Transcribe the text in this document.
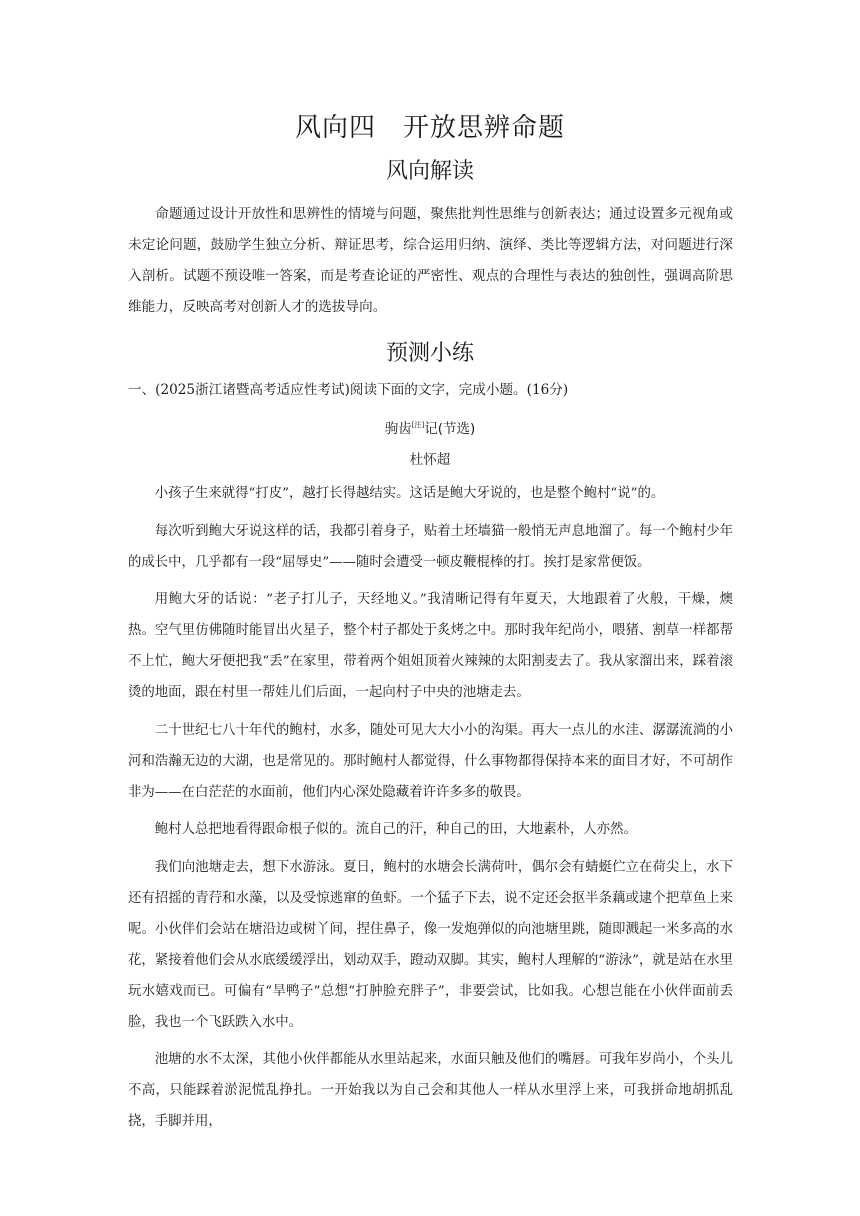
风向四　开放思辨命题
风向解读

命题通过设计开放性和思辨性的情境与问题，聚焦批判性思维与创新表达；通过设置多元视角或未定论问题，鼓励学生独立分析、辩证思考，综合运用归纳、演绎、类比等逻辑方法，对问题进行深入剖析。试题不预设唯一答案，而是考查论证的严密性、观点的合理性与表达的独创性，强调高阶思维能力，反映高考对创新人才的选拔导向。

预测小练

一、(2025浙江诸暨高考适应性考试)阅读下面的文字，完成小题。(16分)

驹齿[注]记(节选)
杜怀超

小孩子生来就得“打皮”，越打长得越结实。这话是鲍大牙说的，也是整个鲍村“说”的。

每次听到鲍大牙说这样的话，我都引着身子，贴着土坯墙猫一般悄无声息地溜了。每一个鲍村少年的成长中，几乎都有一段“屈辱史”——随时会遭受一顿皮鞭棍棒的打。挨打是家常便饭。

用鲍大牙的话说：“老子打儿子，天经地义。”我清晰记得有年夏天，大地跟着了火般，干燥，燠热。空气里仿佛随时能冒出火星子，整个村子都处于炙烤之中。那时我年纪尚小，喂猪、割草一样都帮不上忙，鲍大牙便把我“丢”在家里，带着两个姐姐顶着火辣辣的太阳割麦去了。我从家溜出来，踩着滚烫的地面，跟在村里一帮娃儿们后面，一起向村子中央的池塘走去。

二十世纪七八十年代的鲍村，水多，随处可见大大小小的沟渠。再大一点儿的水洼、潺潺流淌的小河和浩瀚无边的大湖，也是常见的。那时鲍村人都觉得，什么事物都得保持本来的面目才好，不可胡作非为——在白茫茫的水面前，他们内心深处隐藏着许许多多的敬畏。

鲍村人总把地看得跟命根子似的。流自己的汗，种自己的田，大地素朴，人亦然。

我们向池塘走去，想下水游泳。夏日，鲍村的水塘会长满荷叶，偶尔会有蜻蜓伫立在荷尖上，水下还有招摇的青荇和水藻，以及受惊逃窜的鱼虾。一个猛子下去，说不定还会抠半条藕或逮个把草鱼上来呢。小伙伴们会站在塘沿边或树丫间，捏住鼻子，像一发炮弹似的向池塘里跳，随即溅起一米多高的水花，紧接着他们会从水底缓缓浮出，划动双手，蹬动双脚。其实，鲍村人理解的“游泳”，就是站在水里玩水嬉戏而已。可偏有“旱鸭子”总想“打肿脸充胖子”，非要尝试，比如我。心想岂能在小伙伴面前丢脸，我也一个飞跃跌入水中。

池塘的水不太深，其他小伙伴都能从水里站起来，水面只触及他们的嘴唇。可我年岁尚小，个头儿不高，只能踩着淤泥慌乱挣扎。一开始我以为自己会和其他人一样从水里浮上来，可我拼命地胡抓乱挠，手脚并用，
